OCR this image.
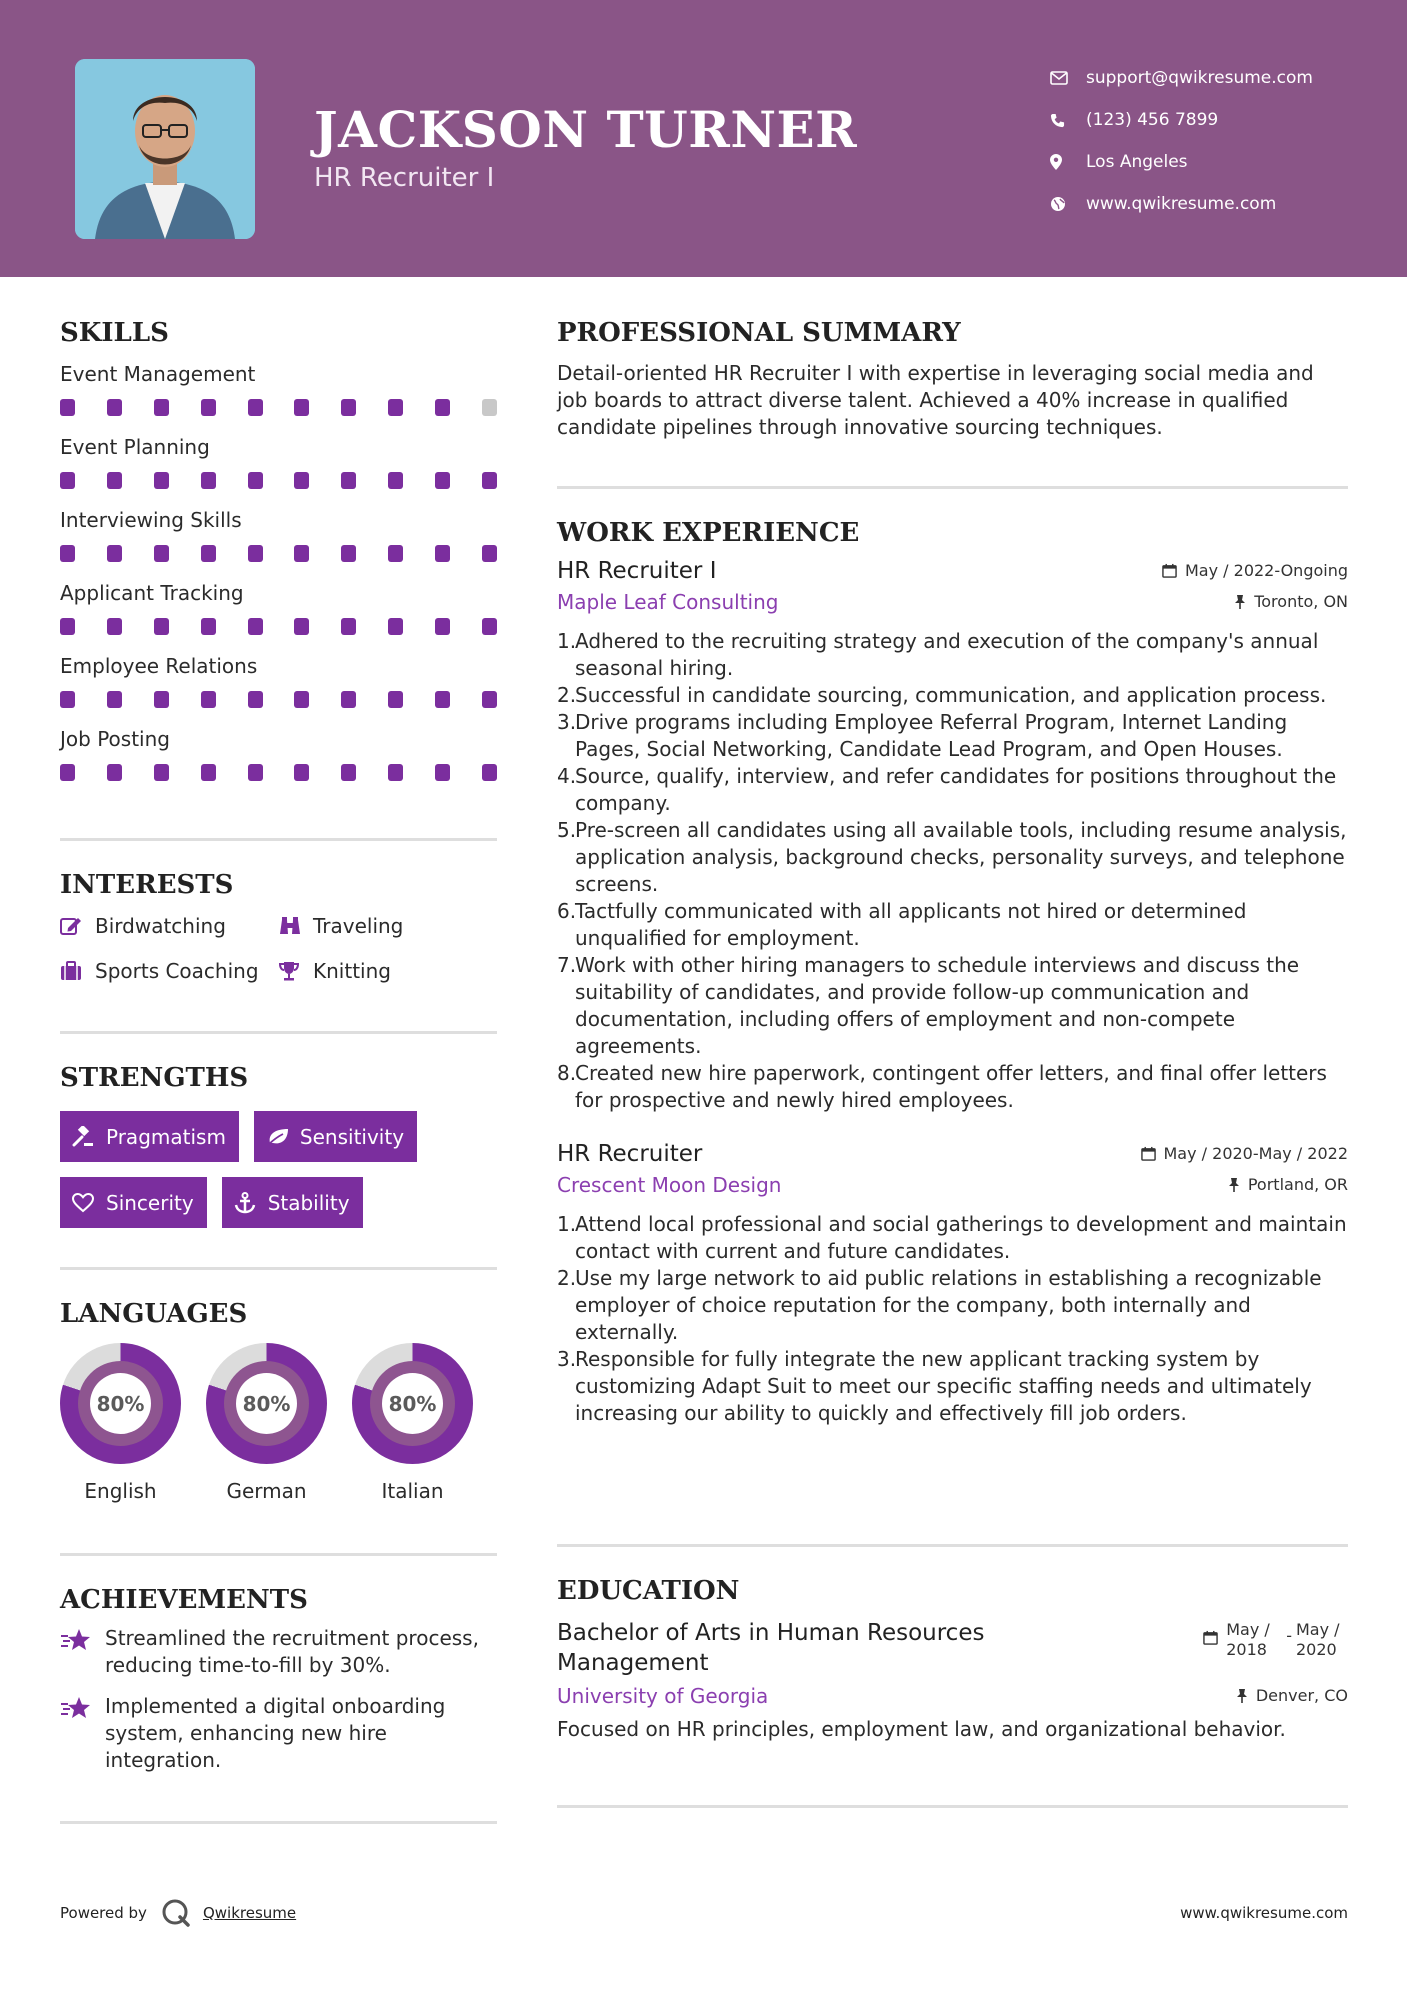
JACKSON TURNER
HR Recruiter I
support@qwikresume.com
(123) 456 7899
Los Angeles
www.qwikresume.com
SKILLS
Event Management
Event Planning
Interviewing Skills
Applicant Tracking
Employee Relations
Job Posting
INTERESTS
Birdwatching	Traveling
Sports Coaching	Knitting
STRENGTHS
Pragmatism	Sensitivity
Sincerity	Stability
LANGUAGES
80%
English
80%
German
80%
Italian
ACHIEVEMENTS
Streamlined the recruitment process, reducing time-to-fill by 30%.
Implemented a digital onboarding system, enhancing new hire integration.
PROFESSIONAL SUMMARY
Detail-oriented HR Recruiter I with expertise in leveraging social media and job boards to attract diverse talent. Achieved a 40% increase in qualified candidate pipelines through innovative sourcing techniques.
WORK EXPERIENCE
HR Recruiter I	May / 2022-Ongoing
Maple Leaf Consulting	Toronto, ON
1.
Adhered to the recruiting strategy and execution of the company's annual seasonal hiring.
2.
Successful in candidate sourcing, communication, and application process.
3.
Drive programs including Employee Referral Program, Internet Landing Pages, Social Networking, Candidate Lead Program, and Open Houses.
4.
Source, qualify, interview, and refer candidates for positions throughout the company.
5.
Pre-screen all candidates using all available tools, including resume analysis, application analysis, background checks, personality surveys, and telephone screens.
6.
Tactfully communicated with all applicants not hired or determined unqualified for employment.
7.
Work with other hiring managers to schedule interviews and discuss the suitability of candidates, and provide follow-up communication and documentation, including offers of employment and non-compete agreements.
8.
Created new hire paperwork, contingent offer letters, and final offer letters for prospective and newly hired employees.
HR Recruiter	May / 2020-May / 2022
Crescent Moon Design	Portland, OR
1.
Attend local professional and social gatherings to development and maintain contact with current and future candidates.
2.
Use my large network to aid public relations in establishing a recognizable employer of choice reputation for the company, both internally and externally.
3.
Responsible for fully integrate the new applicant tracking system by customizing Adapt Suit to meet our specific staffing needs and ultimately increasing our ability to quickly and effectively fill job orders.
EDUCATION
Bachelor of Arts in Human Resources Management
May / 2018
- May / 2020
University of Georgia	Denver, CO
Focused on HR principles, employment law, and organizational behavior.
Powered by	Qwikresume	www.qwikresume.com
